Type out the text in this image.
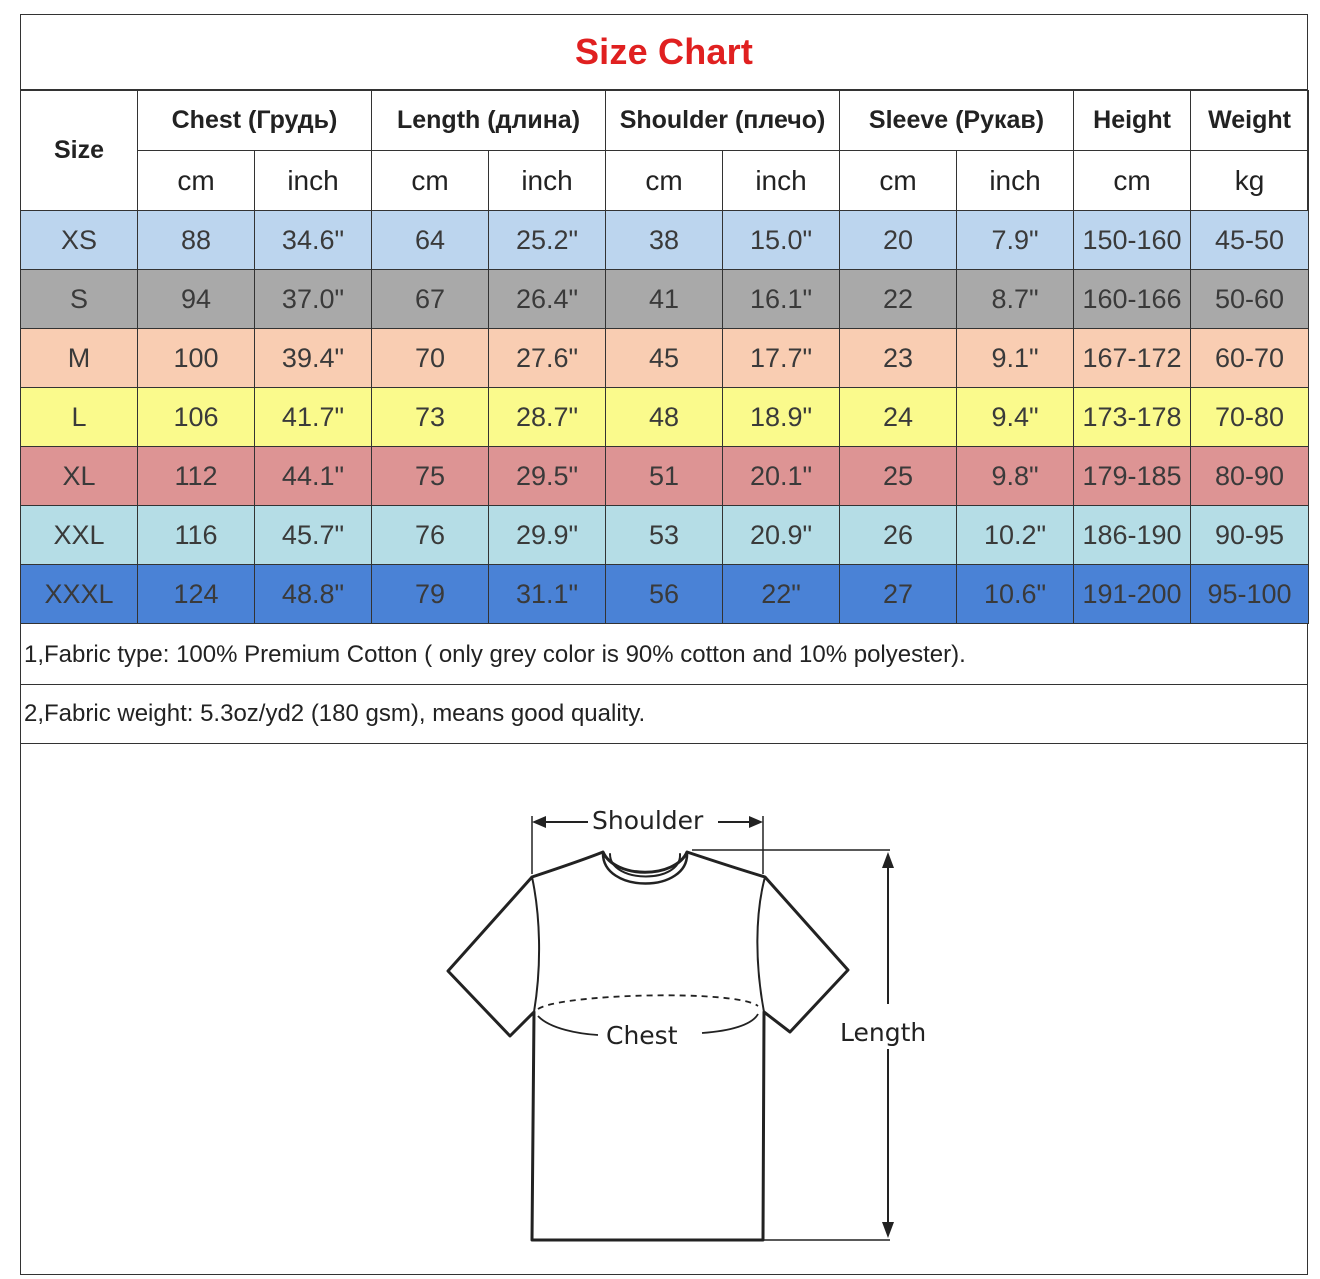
Size Chart
Size	Chest (Грудь)		Length (длина)		Shoulder (плечо)		Sleeve (Рукав)		Height	Weight
	cm	inch	cm	inch	cm	inch	cm	inch	cm	kg
XS	88	34.6"	64	25.2"	38	15.0"	20	7.9"	150-160	45-50
S	94	37.0"	67	26.4"	41	16.1"	22	8.7"	160-166	50-60
M	100	39.4"	70	27.6"	45	17.7"	23	9.1"	167-172	60-70
L	106	41.7"	73	28.7"	48	18.9"	24	9.4"	173-178	70-80
XL	112	44.1"	75	29.5"	51	20.1"	25	9.8"	179-185	80-90
XXL	116	45.7"	76	29.9"	53	20.9"	26	10.2"	186-190	90-95
XXXL	124	48.8"	79	31.1"	56	22"	27	10.6"	191-200	95-100
1,Fabric type: 100% Premium Cotton ( only grey color is 90% cotton and 10% polyester).
2,Fabric weight: 5.3oz/yd2 (180 gsm), means good quality.
Shoulder
Chest	Length
